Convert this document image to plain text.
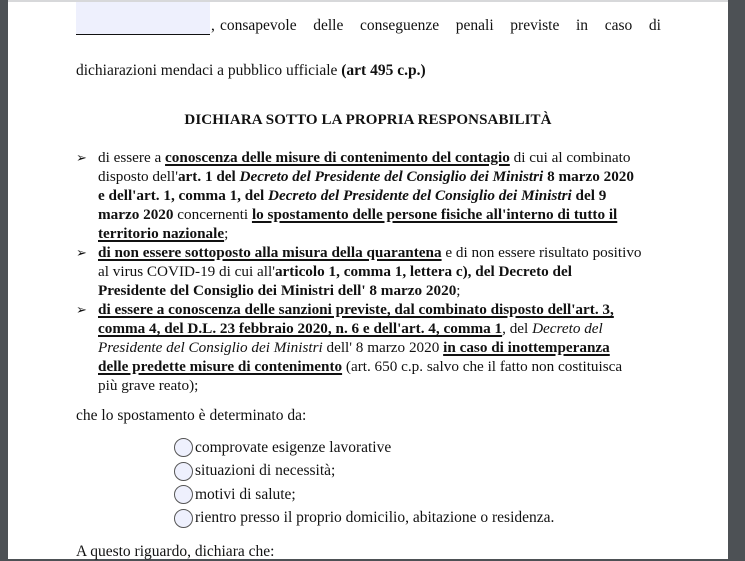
, consapevole delle conseguenze penali previste in caso di
dichiarazioni mendaci a pubblico ufficiale (art 495 c.p.)
DICHIARA SOTTO LA PROPRIA RESPONSABILITÀ
➢ di essere a conoscenza delle misure di contenimento del contagio di cui al combinato

disposto dell'art. 1 del Decreto del Presidente del Consiglio dei Ministri 8 marzo 2020

e dell'art. 1, comma 1, del Decreto del Presidente del Consiglio dei Ministri del 9

marzo 2020 concernenti lo spostamento delle persone fisiche all'interno di tutto il

territorio nazionale;

➢ di non essere sottoposto alla misura della quarantena e di non essere risultato positivo

al virus COVID-19 di cui all'articolo 1, comma 1, lettera c), del Decreto del

Presidente del Consiglio dei Ministri dell' 8 marzo 2020;

➢ di essere a conoscenza delle sanzioni previste, dal combinato disposto dell'art. 3,

comma 4, del D.L. 23 febbraio 2020, n. 6 e dell'art. 4, comma 1, del Decreto del

Presidente del Consiglio dei Ministri dell' 8 marzo 2020 in caso di inottemperanza

delle predette misure di contenimento (art. 650 c.p. salvo che il fatto non costituisca

più grave reato);

che lo spostamento è determinato da:
comprovate esigenze lavorative
situazioni di necessità;
motivi di salute;
rientro presso il proprio domicilio, abitazione o residenza.
A questo riguardo, dichiara che:
